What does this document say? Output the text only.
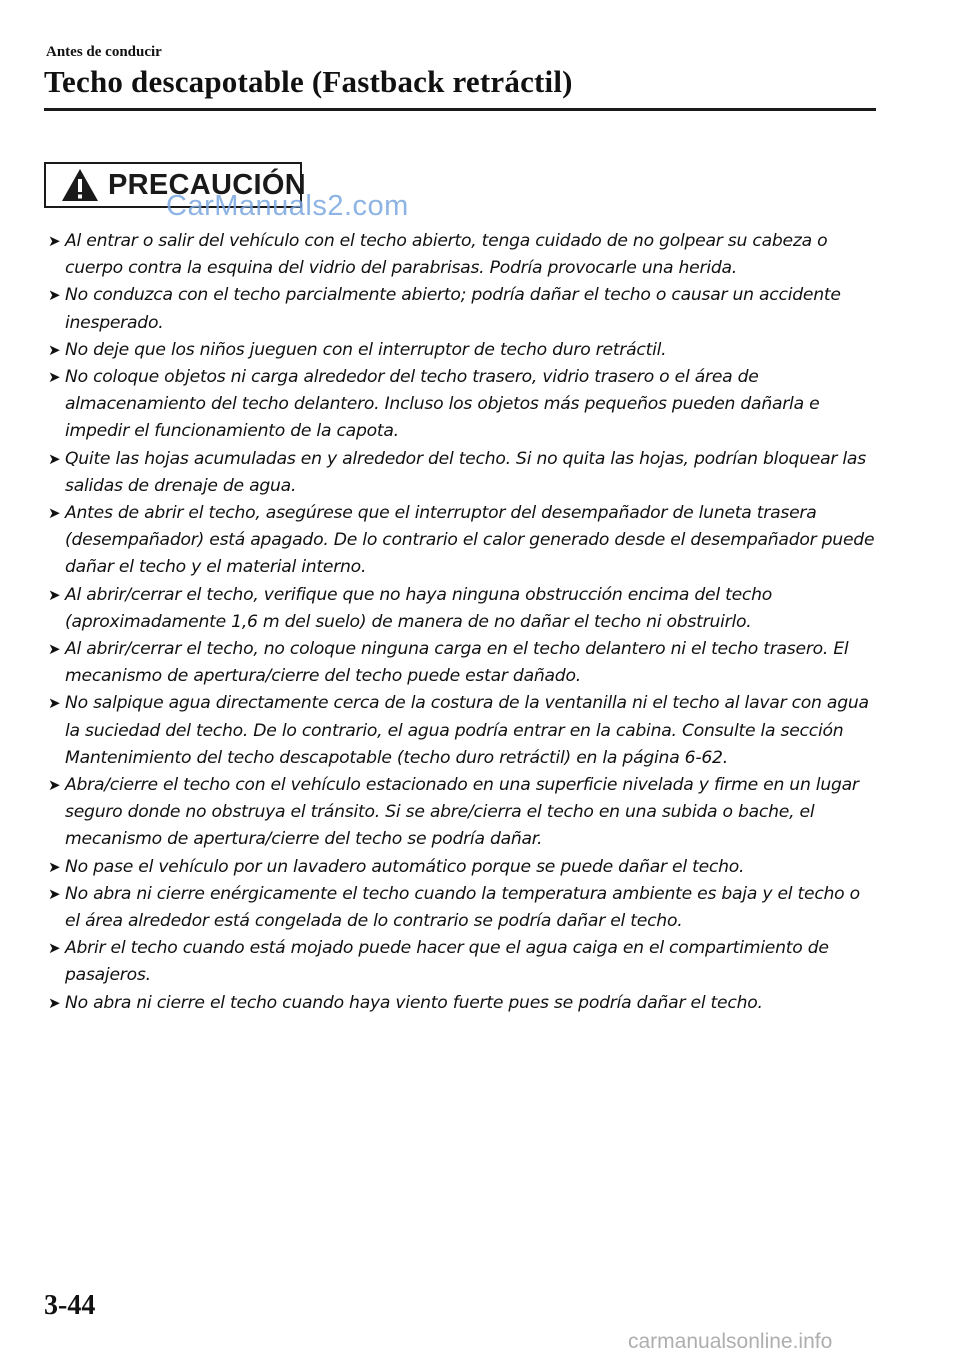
Antes de conducir
Techo descapotable (Fastback retráctil)
PRECAUCIÓN
CarManuals2.com
➤ Al entrar o salir del vehículo con el techo abierto, tenga cuidado de no golpear su cabeza o cuerpo contra la esquina del vidrio del parabrisas. Podría provocarle una herida.
➤ No conduzca con el techo parcialmente abierto; podría dañar el techo o causar un accidente inesperado.
➤ No deje que los niños jueguen con el interruptor de techo duro retráctil.
➤ No coloque objetos ni carga alrededor del techo trasero, vidrio trasero o el área de almacenamiento del techo delantero. Incluso los objetos más pequeños pueden dañarla e impedir el funcionamiento de la capota.
➤ Quite las hojas acumuladas en y alrededor del techo. Si no quita las hojas, podrían bloquear las salidas de drenaje de agua.
➤ Antes de abrir el techo, asegúrese que el interruptor del desempañador de luneta trasera (desempañador) está apagado. De lo contrario el calor generado desde el desempañador puede dañar el techo y el material interno.
➤ Al abrir/cerrar el techo, verifique que no haya ninguna obstrucción encima del techo (aproximadamente 1,6 m del suelo) de manera de no dañar el techo ni obstruirlo.
➤ Al abrir/cerrar el techo, no coloque ninguna carga en el techo delantero ni el techo trasero. El mecanismo de apertura/cierre del techo puede estar dañado.
➤ No salpique agua directamente cerca de la costura de la ventanilla ni el techo al lavar con agua la suciedad del techo. De lo contrario, el agua podría entrar en la cabina. Consulte la sección Mantenimiento del techo descapotable (techo duro retráctil) en la página 6-62.
➤ Abra/cierre el techo con el vehículo estacionado en una superficie nivelada y firme en un lugar seguro donde no obstruya el tránsito. Si se abre/cierra el techo en una subida o bache, el mecanismo de apertura/cierre del techo se podría dañar.
➤ No pase el vehículo por un lavadero automático porque se puede dañar el techo.
➤ No abra ni cierre enérgicamente el techo cuando la temperatura ambiente es baja y el techo o el área alrededor está congelada de lo contrario se podría dañar el techo.
➤ Abrir el techo cuando está mojado puede hacer que el agua caiga en el compartimiento de pasajeros.
➤ No abra ni cierre el techo cuando haya viento fuerte pues se podría dañar el techo.
3-44
carmanualsonline.info
